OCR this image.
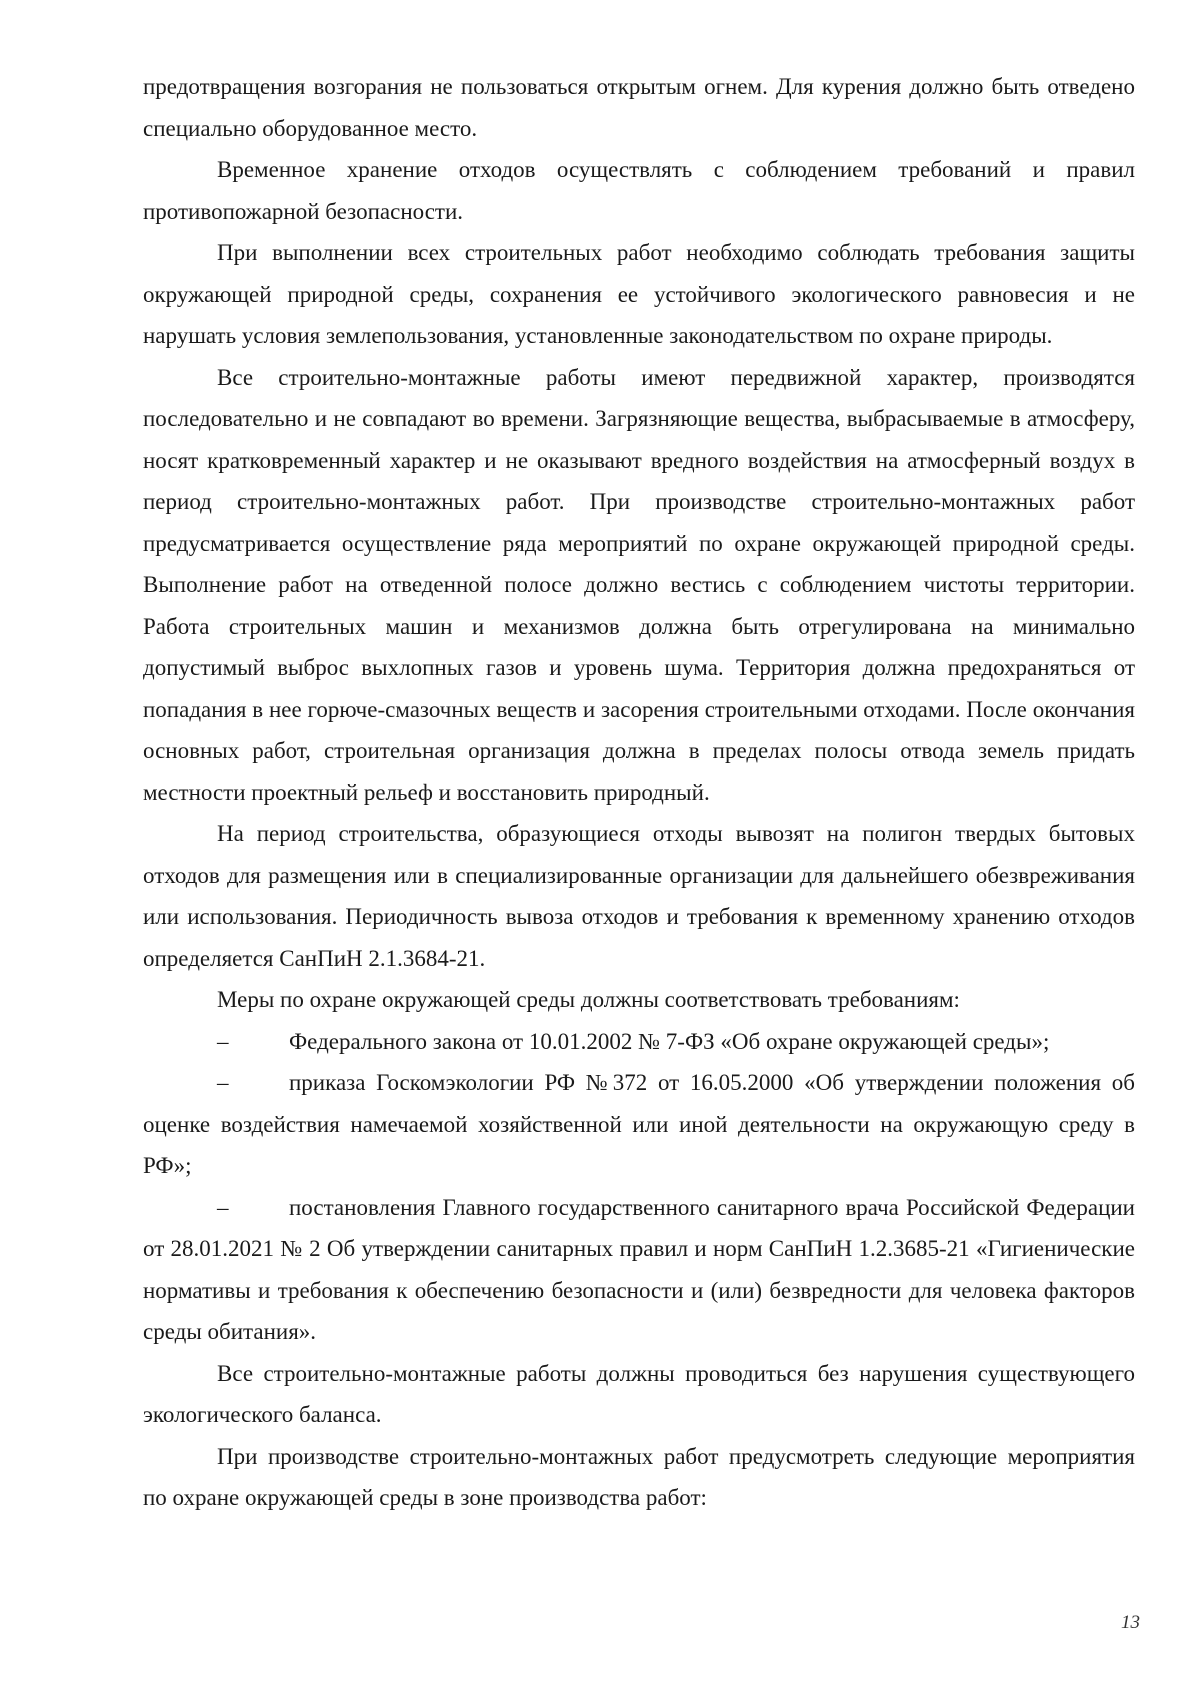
предотвращения возгорания не пользоваться открытым огнем. Для курения должно быть отведено специально оборудованное место.

Временное хранение отходов осуществлять с соблюдением требований и правил противопожарной безопасности.

При выполнении всех строительных работ необходимо соблюдать требования защиты окружающей природной среды, сохранения ее устойчивого экологического равновесия и не нарушать условия землепользования, установленные законодательством по охране природы.

Все строительно-монтажные работы имеют передвижной характер, производятся последовательно и не совпадают во времени. Загрязняющие вещества, выбрасываемые в атмосферу, носят кратковременный характер и не оказывают вредного воздействия на атмосферный воздух в период строительно-монтажных работ. При производстве строительно-монтажных работ предусматривается осуществление ряда мероприятий по охране окружающей природной среды. Выполнение работ на отведенной полосе должно вестись с соблюдением чистоты территории. Работа строительных машин и механизмов должна быть отрегулирована на минимально допустимый выброс выхлопных газов и уровень шума. Территория должна предохраняться от попадания в нее горюче-смазочных веществ и засорения строительными отходами. После окончания основных работ, строительная организация должна в пределах полосы отвода земель придать местности проектный рельеф и восстановить природный.

На период строительства, образующиеся отходы вывозят на полигон твердых бытовых отходов для размещения или в специализированные организации для дальнейшего обезвреживания или использования. Периодичность вывоза отходов и требования к временному хранению отходов определяется СанПиН 2.1.3684-21.

Меры по охране окружающей среды должны соответствовать требованиям:

–	Федерального закона от 10.01.2002 № 7-ФЗ «Об охране окружающей среды»;

–	приказа Госкомэкологии РФ №372 от 16.05.2000 «Об утверждении положения об оценке воздействия намечаемой хозяйственной или иной деятельности на окружающую среду в РФ»;

–	постановления Главного государственного санитарного врача Российской Федерации от 28.01.2021 № 2 Об утверждении санитарных правил и норм СанПиН 1.2.3685-21 «Гигиенические нормативы и требования к обеспечению безопасности и (или) безвредности для человека факторов среды обитания».

Все строительно-монтажные работы должны проводиться без нарушения существующего экологического баланса.

При производстве строительно-монтажных работ предусмотреть следующие мероприятия по охране окружающей среды в зоне производства работ:

13
